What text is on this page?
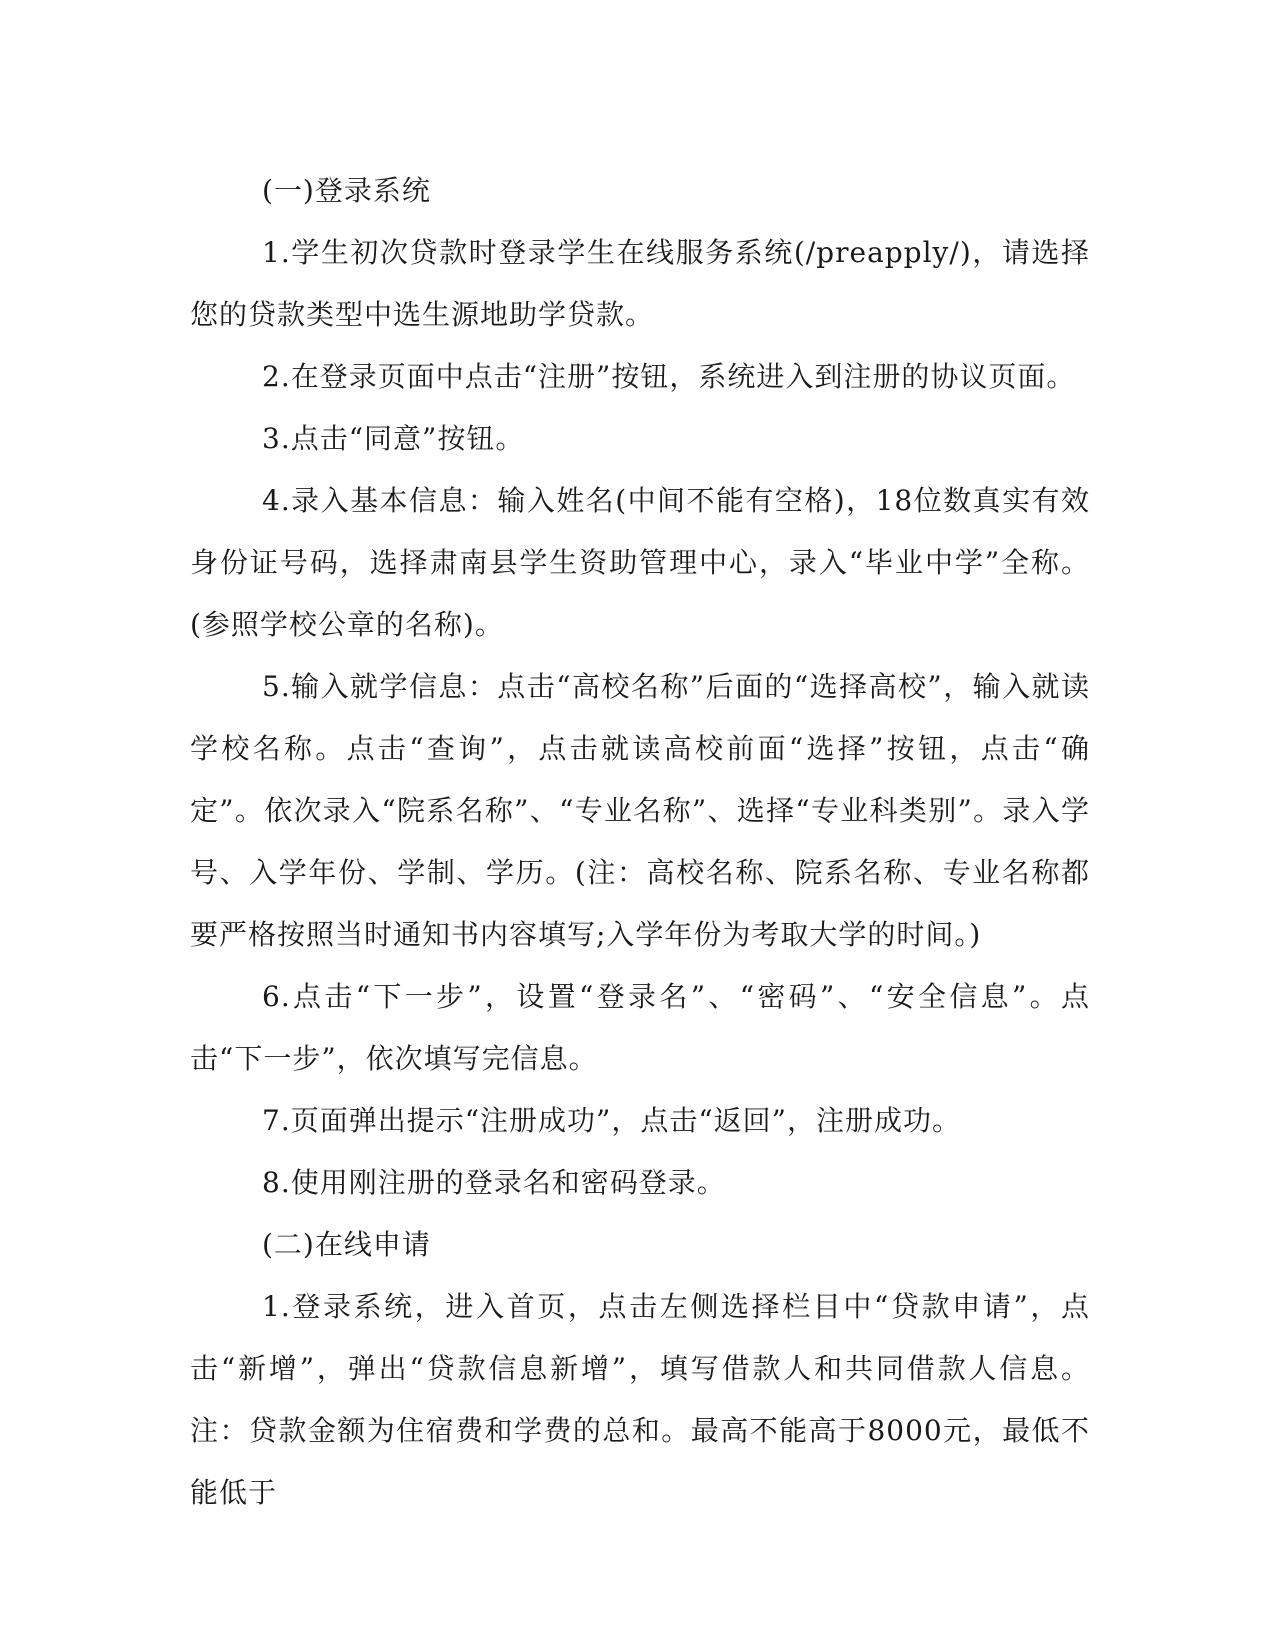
(一)登录系统

1.学生初次贷款时登录学生在线服务系统(/preapply/)，请选择您的贷款类型中选生源地助学贷款。

2.在登录页面中点击“注册”按钮，系统进入到注册的协议页面。

3.点击“同意”按钮。

4.录入基本信息：输入姓名(中间不能有空格)，18位数真实有效身份证号码，选择肃南县学生资助管理中心，录入“毕业中学”全称。(参照学校公章的名称)。

5.输入就学信息：点击“高校名称”后面的“选择高校”，输入就读学校名称。点击“查询”，点击就读高校前面“选择”按钮，点击“确定”。依次录入“院系名称”、“专业名称”、选择“专业科类别”。录入学号、入学年份、学制、学历。(注：高校名称、院系名称、专业名称都要严格按照当时通知书内容填写;入学年份为考取大学的时间。)

6.点击“下一步”，设置“登录名”、“密码”、“安全信息”。点击“下一步”，依次填写完信息。

7.页面弹出提示“注册成功”，点击“返回”，注册成功。

8.使用刚注册的登录名和密码登录。

(二)在线申请

1.登录系统，进入首页，点击左侧选择栏目中“贷款申请”，点击“新增”，弹出“贷款信息新增”，填写借款人和共同借款人信息。注：贷款金额为住宿费和学费的总和。最高不能高于8000元，最低不能低于
